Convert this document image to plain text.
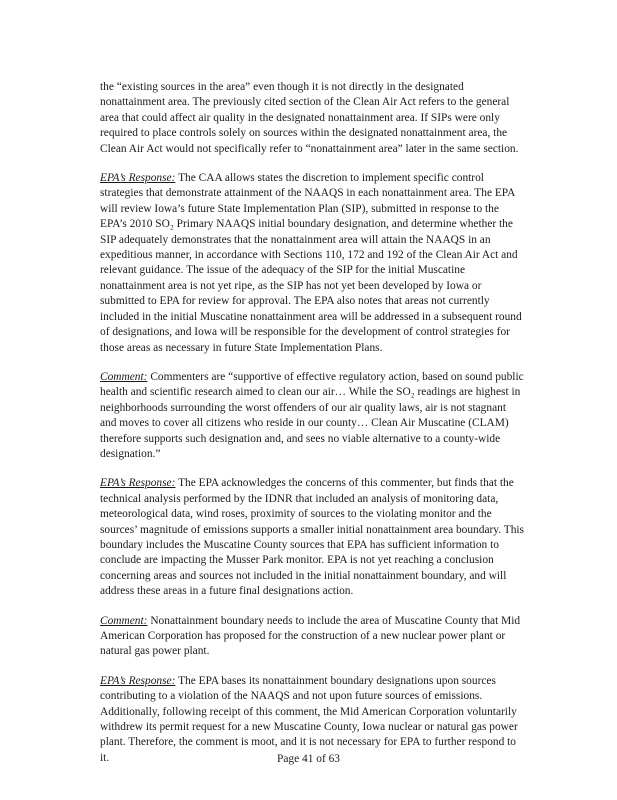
the “existing sources in the area” even though it is not directly in the designated nonattainment area. The previously cited section of the Clean Air Act refers to the general area that could affect air quality in the designated nonattainment area. If SIPs were only required to place controls solely on sources within the designated nonattainment area, the Clean Air Act would not specifically refer to “nonattainment area” later in the same section.

EPA’s Response: The CAA allows states the discretion to implement specific control strategies that demonstrate attainment of the NAAQS in each nonattainment area. The EPA will review Iowa’s future State Implementation Plan (SIP), submitted in response to the EPA’s 2010 SO₂ Primary NAAQS initial boundary designation, and determine whether the SIP adequately demonstrates that the nonattainment area will attain the NAAQS in an expeditious manner, in accordance with Sections 110, 172 and 192 of the Clean Air Act and relevant guidance. The issue of the adequacy of the SIP for the initial Muscatine nonattainment area is not yet ripe, as the SIP has not yet been developed by Iowa or submitted to EPA for review for approval. The EPA also notes that areas not currently included in the initial Muscatine nonattainment area will be addressed in a subsequent round of designations, and Iowa will be responsible for the development of control strategies for those areas as necessary in future State Implementation Plans.

Comment: Commenters are “supportive of effective regulatory action, based on sound public health and scientific research aimed to clean our air… While the SO₂ readings are highest in neighborhoods surrounding the worst offenders of our air quality laws, air is not stagnant and moves to cover all citizens who reside in our county… Clean Air Muscatine (CLAM) therefore supports such designation and, and sees no viable alternative to a county-wide designation.”

EPA’s Response: The EPA acknowledges the concerns of this commenter, but finds that the technical analysis performed by the IDNR that included an analysis of monitoring data, meteorological data, wind roses, proximity of sources to the violating monitor and the sources’ magnitude of emissions supports a smaller initial nonattainment area boundary. This boundary includes the Muscatine County sources that EPA has sufficient information to conclude are impacting the Musser Park monitor. EPA is not yet reaching a conclusion concerning areas and sources not included in the initial nonattainment boundary, and will address these areas in a future final designations action.

Comment: Nonattainment boundary needs to include the area of Muscatine County that Mid American Corporation has proposed for the construction of a new nuclear power plant or natural gas power plant.

EPA’s Response: The EPA bases its nonattainment boundary designations upon sources contributing to a violation of the NAAQS and not upon future sources of emissions. Additionally, following receipt of this comment, the Mid American Corporation voluntarily withdrew its permit request for a new Muscatine County, Iowa nuclear or natural gas power plant. Therefore, the comment is moot, and it is not necessary for EPA to further respond to it.	Page 41 of 63
